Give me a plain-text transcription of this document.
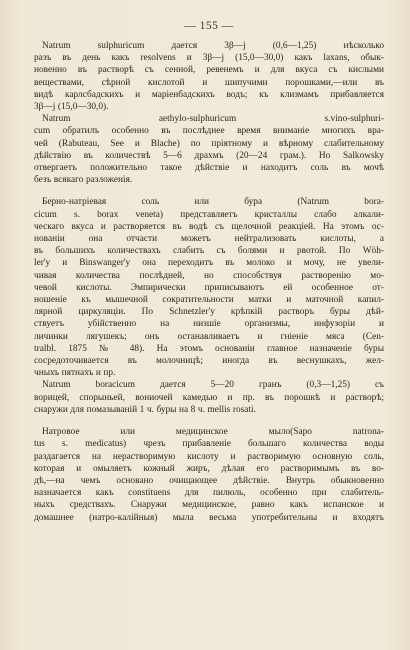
— 155 —
Natrum sulphuricum дается 3β—j (0,6—1,25) нѣсколько
разъ въ день какъ resolvens и 3β—j (15,0—30,0) какъ laxans, обык-
новенно въ растворѣ съ сенной, ревенемъ и для вкуса съ кислыми
веществами, сѣрной кислотой и шипучими порошками,—или въ
видѣ карлсбадскихъ и маріенбадскихъ водъ; къ клизмамъ прибавляется
3β—j (15,0—30,0).
Natrum aethylo-sulphuricum s.vino-sulphuri-
cum обратилъ особенно въ послѣднее время вниманіе многихъ вра-
чей (Rabuteau, See и Blache) по пріятному и вѣрному слабительному
дѣйствію въ количествѣ 5—6 драхмъ (20—24 грам.). Но Salkowsky
отвергаетъ положительно такое дѣйствіе и находитъ соль въ мочѣ
безъ всякаго разложенія.
Берно-натріевая соль или бура (Natrum bora-
cicum s. borax veneta) представляетъ кристаллы слабо алкали-
ческаго вкуса и растворяется въ водѣ съ щелочной реакціей. На этомъ ос-
нованіи она отчасти можетъ нейтрализовать кислоты, а
въ большихъ количествахъ слабить съ болями и рвотой. По Wöh-
ler'y и Binswanger'y она переходитъ въ молоко и мочу, не увели-
чивая количества послѣдней, но способствуя растворенію мо-
чевой кислоты. Эмпирически приписываютъ ей особенное от-
ношеніе къ мышечной сократительности матки и маточной капил-
лярной циркуляціи. По Schnetzler'y крѣпкій растворъ буры дѣй-
ствуетъ убійственно на низшіе организмы, инфузоріи и
личинки лягушекъ; онъ останавливаетъ и гніеніе мяса (Cen-
tralbl. 1875 № 48). На этомъ основаніи главное назначеніе буры
сосредоточивается въ молочницѣ; иногда въ веснушкахъ, жел-
чныхъ пятнахъ и пр.
Natrum boracicum дается 5—20 гранъ (0,3—1,25) съ
ворицей, спорыньей, вониочей камедью и пр. въ порошкѣ и растворѣ;
снаружи для помазываній 1 ч. буры на 8 ч. mellis rosati.
Натровое или медицинское мыло(Sapo natrona-
tus s. medicatus) чрезъ прибавленіе большаго количества воды
раздагается на нерастворимую кислоту и растворимую основную соль,
которая и омыляетъ кожный жиръ, дѣлая его растворимымъ въ во-
дѣ,—на чемъ основано очищающее дѣйствіе. Внутрь обыкновенно
назначается какъ constituens для пилюль, особенно при слабитель-
ныхъ средствахъ. Снаружи медицинское, равно какъ испанское и
домашнее (натро-калійныя) мыла весьма употребительны и входятъ
